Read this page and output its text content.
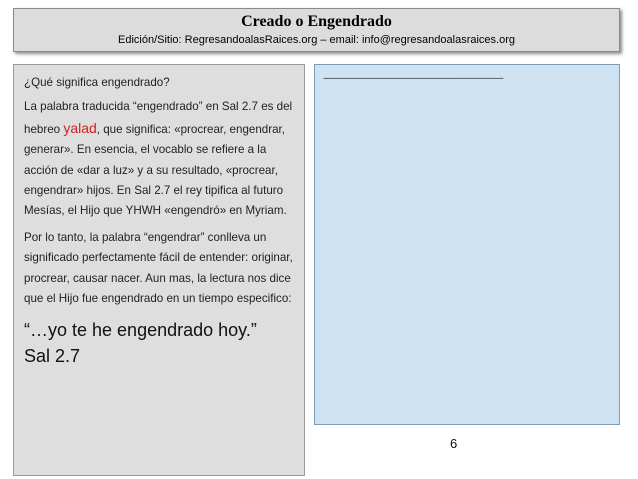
Creado o Engendrado
Edición/Sitio: RegresandoalasRaices.org – email: info@regresandoalasraices.org

¿Qué significa engendrado?

La palabra traducida “engendrado” en Sal 2.7 es del hebreo yalad, que significa: «procrear, engendrar, generar». En esencia, el vocablo se refiere a la acción de «dar a luz» y a su resultado, «procrear, engendrar» hijos. En Sal 2.7 el rey tipifica al futuro Mesías, el Hijo que YHWH «engendró» en Myriam.

Por lo tanto, la palabra “engendrar” conlleva un significado perfectamente fácil de entender: originar, procrear, causar nacer. Aun mas, la lectura nos dice que el Hijo fue engendrado en un tiempo especifico:

“…yo te he engendrado hoy.”
Sal 2.7
------------------------------------------------------------------------------------------
6
